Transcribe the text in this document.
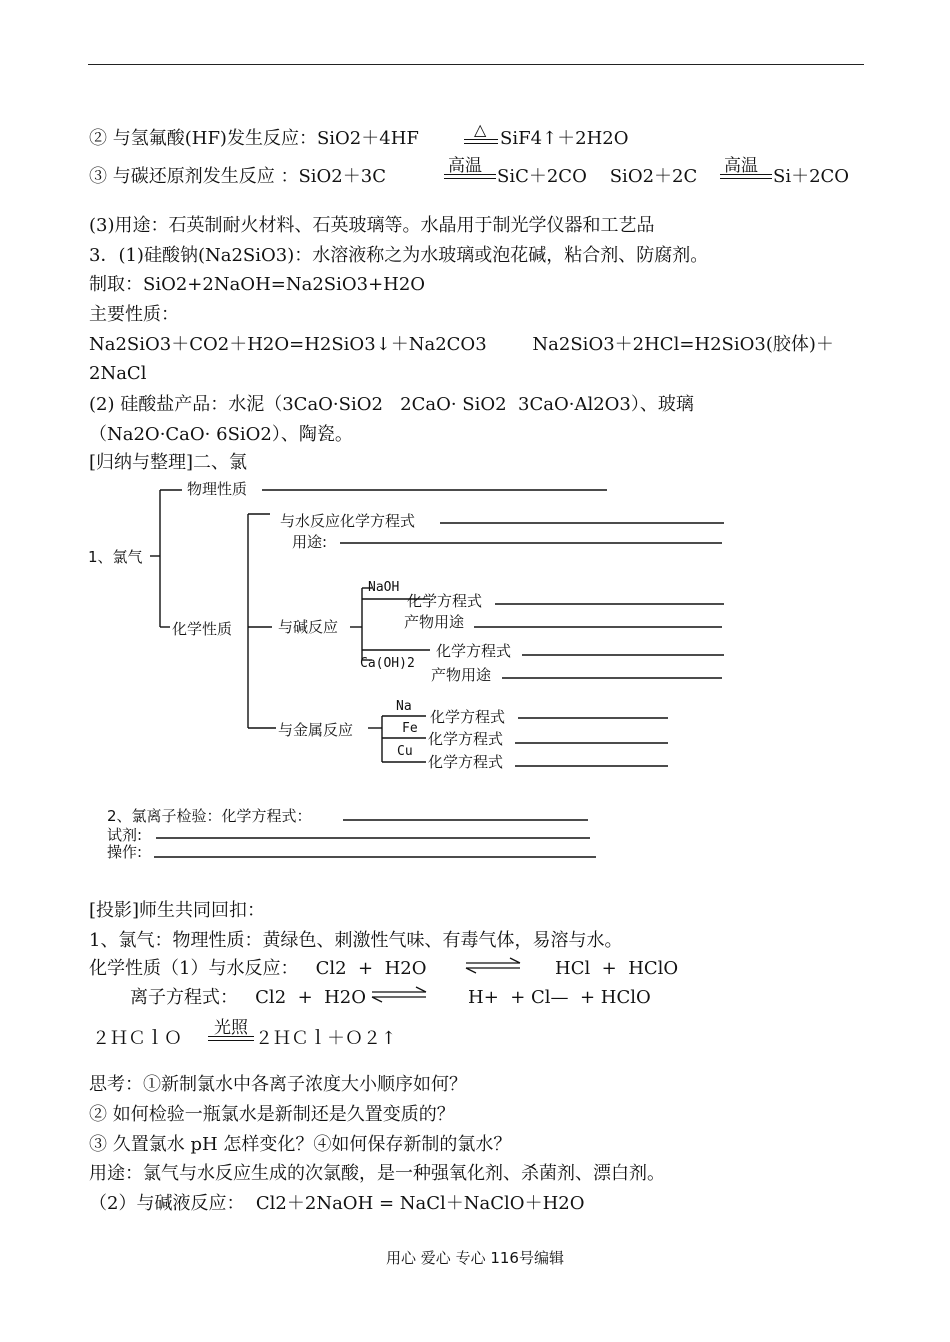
② 与氢氟酸(HF)发生反应：SiO2＋4HF	△ SiF4↑＋2H2O
③ 与碳还原剂发生反应 ：SiO2＋3C	高温 SiC＋2CO    SiO2＋2C 高温 Si＋2CO
(3)用途：石英制耐火材料、石英玻璃等。水晶用于制光学仪器和工艺品
3．(1)硅酸钠(Na2SiO3)：水溶液称之为水玻璃或泡花碱，粘合剂、防腐剂。
制取：SiO2+2NaOH=Na2SiO3+H2O
主要性质：
Na2SiO3＋CO2＋H2O=H2SiO3↓＋Na2CO3        Na2SiO3＋2HCl=H2SiO3(胶体)＋
2NaCl
(2) 硅酸盐产品：水泥（3CaO·SiO2   2CaO· SiO2  3CaO·Al2O3）、玻璃
（Na2O·CaO· 6SiO2）、陶瓷。
[归纳与整理]二、氯
1、氯气
物理性质
化学性质
与水反应化学方程式
用途:
与碱反应
NaOH
化学方程式
产物用途
化学方程式
Ca(OH)2
产物用途
与金属反应
Na
Fe
Cu
化学方程式
化学方程式
化学方程式
2、氯离子检验：化学方程式：
试剂:
操作:
[投影]师生共同回扣：
1、氯气：物理性质：黄绿色、刺激性气味、有毒气体，易溶与水。
化学性质（1）与水反应：   Cl2  +  H2O	HCl  +  HClO
离子方程式：   Cl2  +  H2O	H+  + Cl—  + HClO
２ＨＣｌＯ 光照 ２ＨＣｌ＋Ｏ２↑
思考：①新制氯水中各离子浓度大小顺序如何？
② 如何检验一瓶氯水是新制还是久置变质的？
③ 久置氯水 pH 怎样变化？④如何保存新制的氯水？
用途：氯气与水反应生成的次氯酸，是一种强氧化剂、杀菌剂、漂白剂。
（2）与碱液反应：  Cl2＋2NaOH = NaCl＋NaClO＋H2O
用心 爱心 专心 116号编辑
